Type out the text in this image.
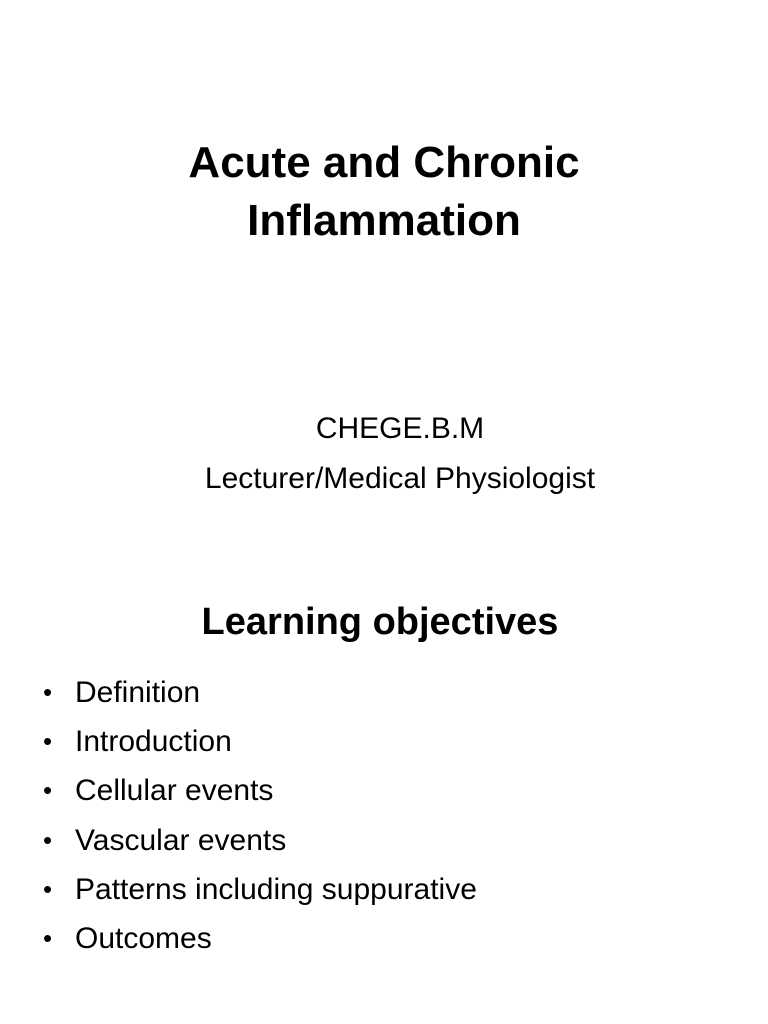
Acute and Chronic
Inflammation
CHEGE.B.M
Lecturer/Medical Physiologist
Learning objectives
• Definition
• Introduction
• Cellular events
• Vascular events
• Patterns including suppurative
• Outcomes
